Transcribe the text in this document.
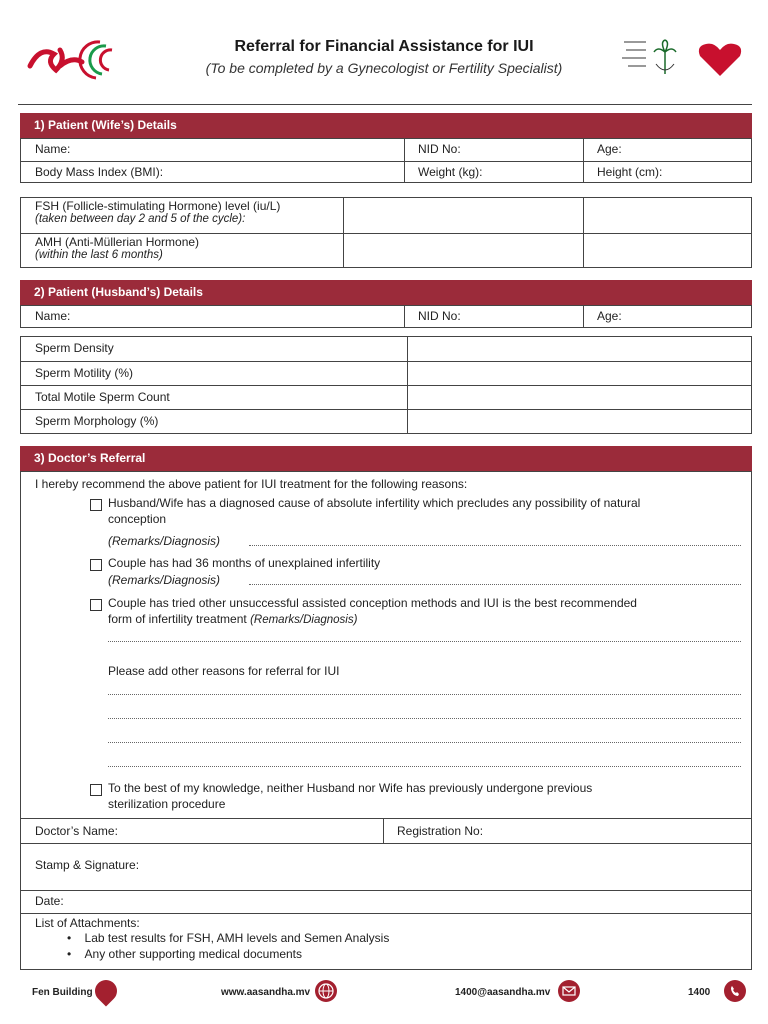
Referral for Financial Assistance for IUI
(To be completed by a Gynecologist or Fertility Specialist)
1) Patient (Wife’s) Details
Name:	NID No:	Age:
Body Mass Index (BMI):	Weight (kg):	Height (cm):
FSH (Follicle-stimulating Hormone) level (iu/L)
(taken between day 2 and 5 of the cycle):
AMH (Anti-Müllerian Hormone)
(within the last 6 months)
2) Patient (Husband’s) Details
Name:	NID No:	Age:
Sperm Density
Sperm Motility (%)
Total Motile Sperm Count
Sperm Morphology (%)
3) Doctor’s Referral
I hereby recommend the above patient for IUI treatment for the following reasons:
Husband/Wife has a diagnosed cause of absolute infertility which precludes any possibility of natural
conception
(Remarks/Diagnosis)
Couple has had 36 months of unexplained infertility
(Remarks/Diagnosis)
Couple has tried other unsuccessful assisted conception methods and IUI is the best recommended
form of infertility treatment (Remarks/Diagnosis)
Please add other reasons for referral for IUI
To the best of my knowledge, neither Husband nor Wife has previously undergone previous
sterilization procedure
Doctor’s Name:	Registration No:
Stamp & Signature:
Date:
List of Attachments:
•    Lab test results for FSH, AMH levels and Semen Analysis
•    Any other supporting medical documents
Fen Building	www.aasandha.mv	1400@aasandha.mv	1400
